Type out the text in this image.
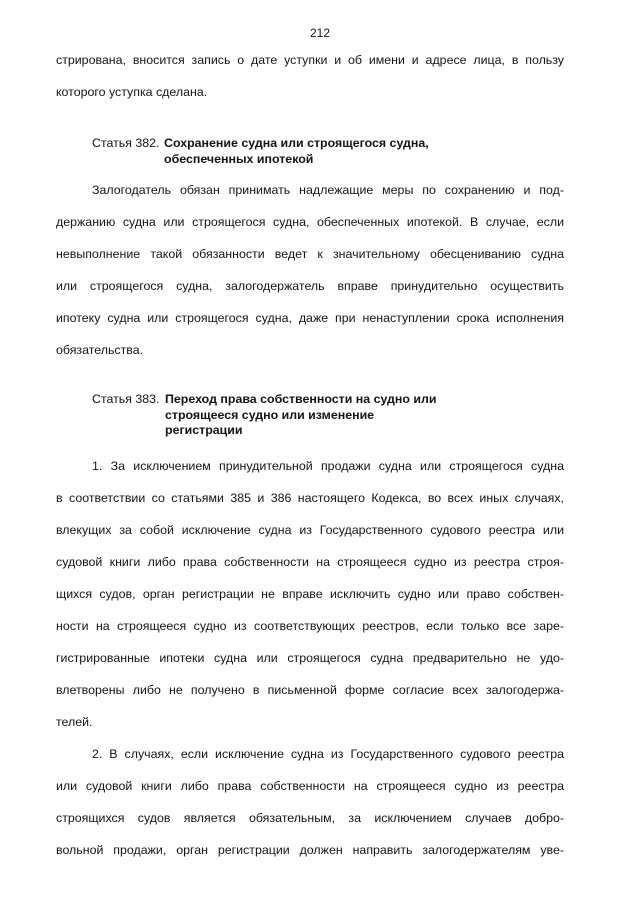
212
стрирована, вносится запись о дате уступки и об имени и адресе лица, в пользу
которого уступка сделана.
Статья 382. Сохранение судна или строящегося судна,
обеспеченных ипотекой
Залогодатель обязан принимать надлежащие меры по сохранению и под-
держанию судна или строящегося судна, обеспеченных ипотекой. В случае, если
невыполнение такой обязанности ведет к значительному обесцениванию судна
или строящегося судна, залогодержатель вправе принудительно осуществить
ипотеку судна или строящегося судна, даже при ненаступлении срока исполнения
обязательства.
Статья 383. Переход права собственности на судно или
строящееся судно или изменение
регистрации
1. За исключением принудительной продажи судна или строящегося судна
в соответствии со статьями 385 и 386 настоящего Кодекса, во всех иных случаях,
влекущих за собой исключение судна из Государственного судового реестра или
судовой книги либо права собственности на строящееся судно из реестра строя-
щихся судов, орган регистрации не вправе исключить судно или право собствен-
ности на строящееся судно из соответствующих реестров, если только все заре-
гистрированные ипотеки судна или строящегося судна предварительно не удо-
влетворены либо не получено в письменной форме согласие всех залогодержа-
телей.
2. В случаях, если исключение судна из Государственного судового реестра
или судовой книги либо права собственности на строящееся судно из реестра
строящихся судов является обязательным, за исключением случаев добро-
вольной продажи, орган регистрации должен направить залогодержателям уве-
